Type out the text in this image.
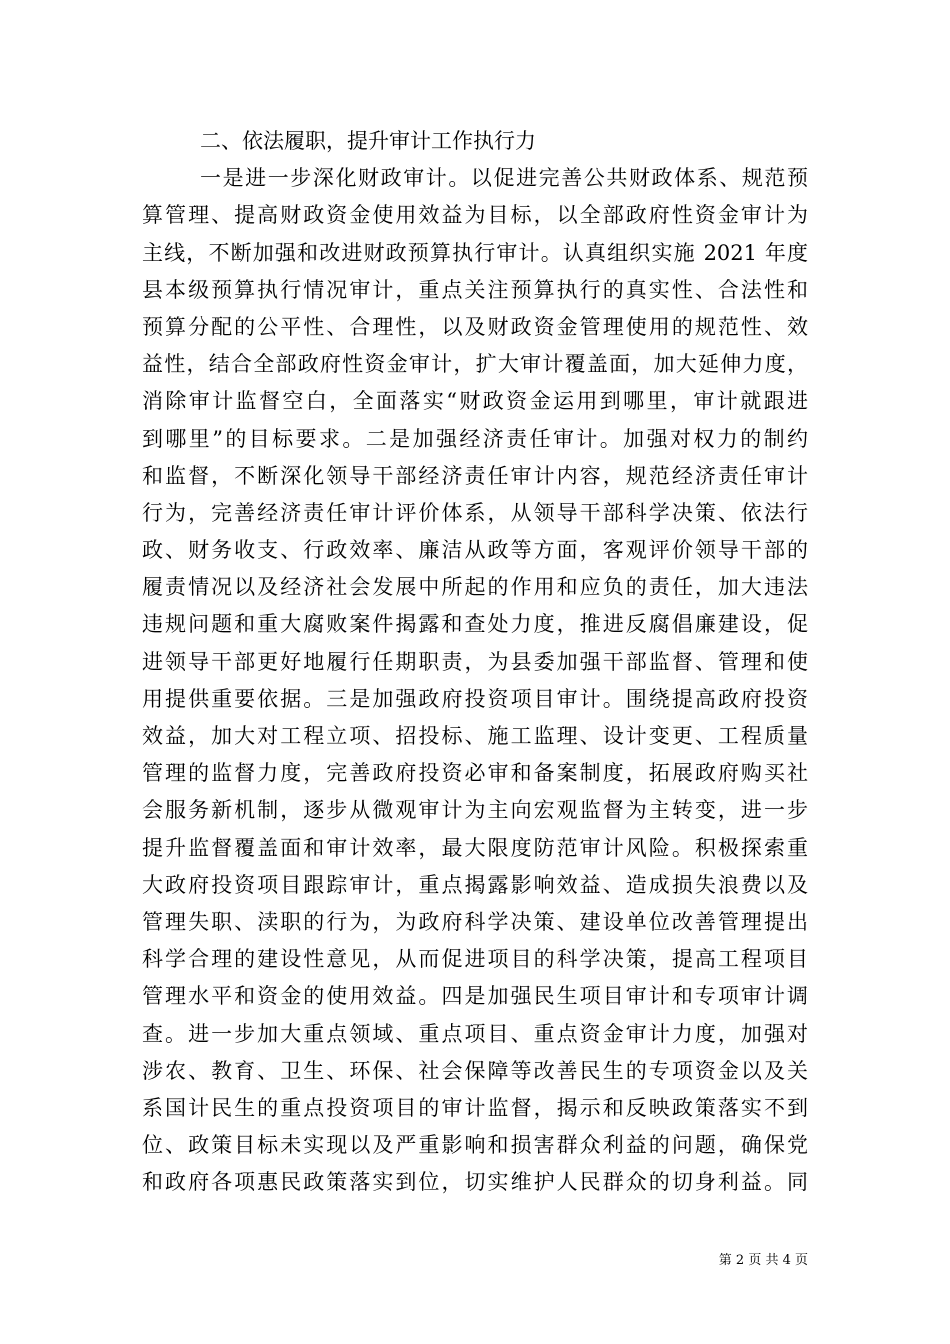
二、依法履职，提升审计工作执行力
一是进一步深化财政审计。以促进完善公共财政体系、规范预
算管理、提高财政资金使用效益为目标，以全部政府性资金审计为
主线，不断加强和改进财政预算执行审计。认真组织实施 2021 年度
县本级预算执行情况审计，重点关注预算执行的真实性、合法性和
预算分配的公平性、合理性，以及财政资金管理使用的规范性、效
益性，结合全部政府性资金审计，扩大审计覆盖面，加大延伸力度，
消除审计监督空白，全面落实“财政资金运用到哪里，审计就跟进
到哪里”的目标要求。二是加强经济责任审计。加强对权力的制约
和监督，不断深化领导干部经济责任审计内容，规范经济责任审计
行为，完善经济责任审计评价体系，从领导干部科学决策、依法行
政、财务收支、行政效率、廉洁从政等方面，客观评价领导干部的
履责情况以及经济社会发展中所起的作用和应负的责任，加大违法
违规问题和重大腐败案件揭露和查处力度，推进反腐倡廉建设，促
进领导干部更好地履行任期职责，为县委加强干部监督、管理和使
用提供重要依据。三是加强政府投资项目审计。围绕提高政府投资
效益，加大对工程立项、招投标、施工监理、设计变更、工程质量
管理的监督力度，完善政府投资必审和备案制度，拓展政府购买社
会服务新机制，逐步从微观审计为主向宏观监督为主转变，进一步
提升监督覆盖面和审计效率，最大限度防范审计风险。积极探索重
大政府投资项目跟踪审计，重点揭露影响效益、造成损失浪费以及
管理失职、渎职的行为，为政府科学决策、建设单位改善管理提出
科学合理的建设性意见，从而促进项目的科学决策，提高工程项目
管理水平和资金的使用效益。四是加强民生项目审计和专项审计调
查。进一步加大重点领域、重点项目、重点资金审计力度，加强对
涉农、教育、卫生、环保、社会保障等改善民生的专项资金以及关
系国计民生的重点投资项目的审计监督，揭示和反映政策落实不到
位、政策目标未实现以及严重影响和损害群众利益的问题，确保党
和政府各项惠民政策落实到位，切实维护人民群众的切身利益。同
第 2 页 共 4 页
